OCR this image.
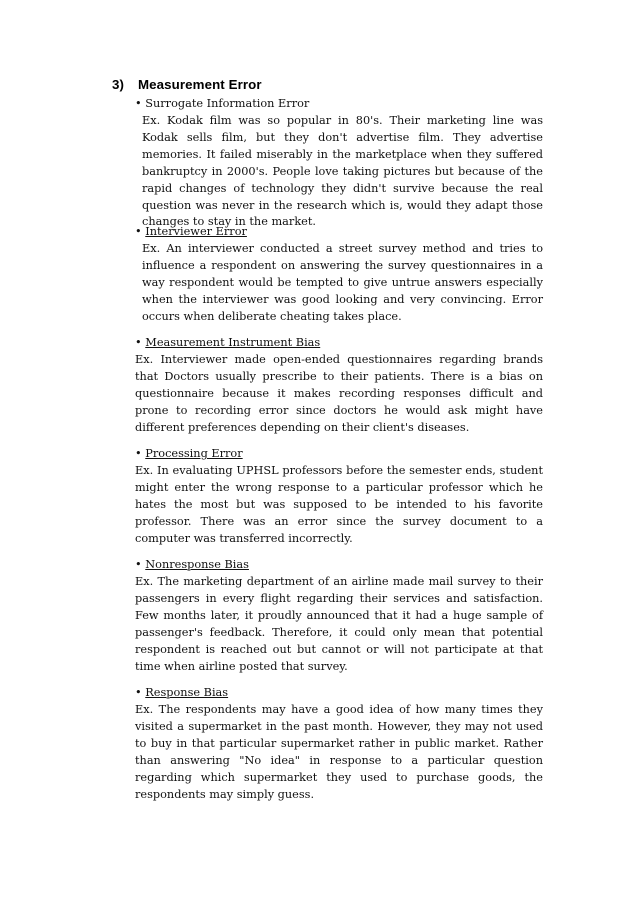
3) Measurement Error
• Surrogate Information Error

Ex. Kodak film was so popular in 80's. Their marketing line was Kodak sells film, but they don't advertise film. They advertise memories. It failed miserably in the marketplace when they suffered bankruptcy in 2000's. People love taking pictures but because of the rapid changes of technology they didn't survive because the real question was never in the research which is, would they adapt those changes to stay in the market.

• Interviewer Error

Ex. An interviewer conducted a street survey method and tries to influence a respondent on answering the survey questionnaires in a way respondent would be tempted to give untrue answers especially when the interviewer was good looking and very convincing. Error occurs when deliberate cheating takes place.

• Measurement Instrument Bias

Ex. Interviewer made open-ended questionnaires regarding brands that Doctors usually prescribe to their patients. There is a bias on questionnaire because it makes recording responses difficult and prone to recording error since doctors he would ask might have different preferences depending on their client's diseases.

• Processing Error

Ex. In evaluating UPHSL professors before the semester ends, student might enter the wrong response to a particular professor which he hates the most but was supposed to be intended to his favorite professor. There was an error since the survey document to a computer was transferred incorrectly.

• Nonresponse Bias

Ex. The marketing department of an airline made mail survey to their passengers in every flight regarding their services and satisfaction. Few months later, it proudly announced that it had a huge sample of passenger's feedback. Therefore, it could only mean that potential respondent is reached out but cannot or will not participate at that time when airline posted that survey.

• Response Bias

Ex. The respondents may have a good idea of how many times they visited a supermarket in the past month. However, they may not used to buy in that particular supermarket rather in public market. Rather than answering "No idea" in response to a particular question regarding which supermarket they used to purchase goods, the respondents may simply guess.
